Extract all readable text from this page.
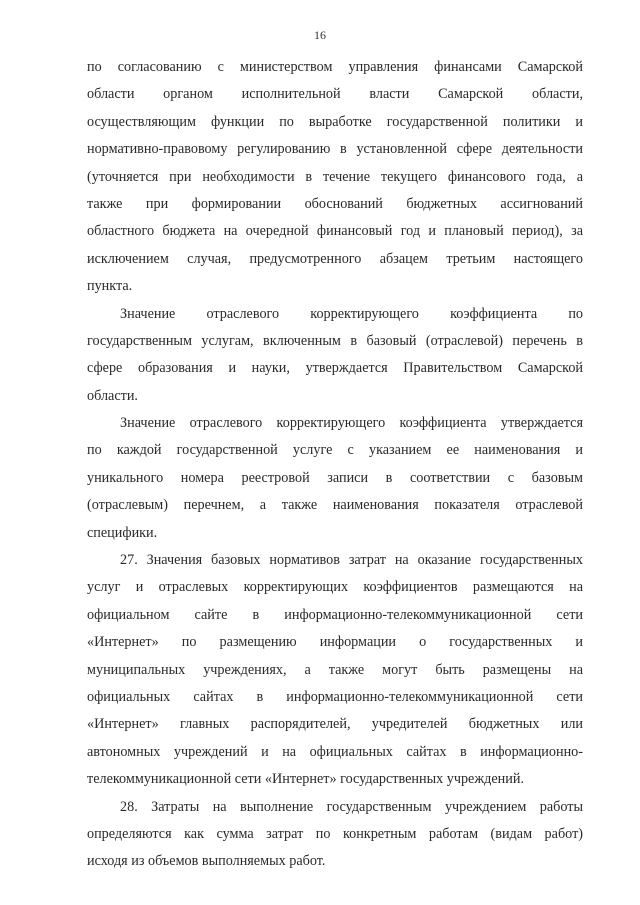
16
по согласованию с министерством управления финансами Самарской
области органом исполнительной власти Самарской области,
осуществляющим функции по выработке государственной политики и
нормативно-правовому регулированию в установленной сфере деятельности
(уточняется при необходимости в течение текущего финансового года, а
также при формировании обоснований бюджетных ассигнований
областного бюджета на очередной финансовый год и плановый период), за
исключением случая, предусмотренного абзацем третьим настоящего
пункта.
Значение отраслевого корректирующего коэффициента по
государственным услугам, включенным в базовый (отраслевой) перечень в
сфере образования и науки, утверждается Правительством Самарской
области.
Значение отраслевого корректирующего коэффициента утверждается
по каждой государственной услуге с указанием ее наименования и
уникального номера реестровой записи в соответствии с базовым
(отраслевым) перечнем, а также наименования показателя отраслевой
специфики.
27. Значения базовых нормативов затрат на оказание государственных
услуг и отраслевых корректирующих коэффициентов размещаются на
официальном сайте в информационно-телекоммуникационной сети
«Интернет» по размещению информации о государственных и
муниципальных учреждениях, а также могут быть размещены на
официальных сайтах в информационно-телекоммуникационной сети
«Интернет» главных распорядителей, учредителей бюджетных или
автономных учреждений и на официальных сайтах в информационно-
телекоммуникационной сети «Интернет» государственных учреждений.
28. Затраты на выполнение государственным учреждением работы
определяются как сумма затрат по конкретным работам (видам работ)
исходя из объемов выполняемых работ.
